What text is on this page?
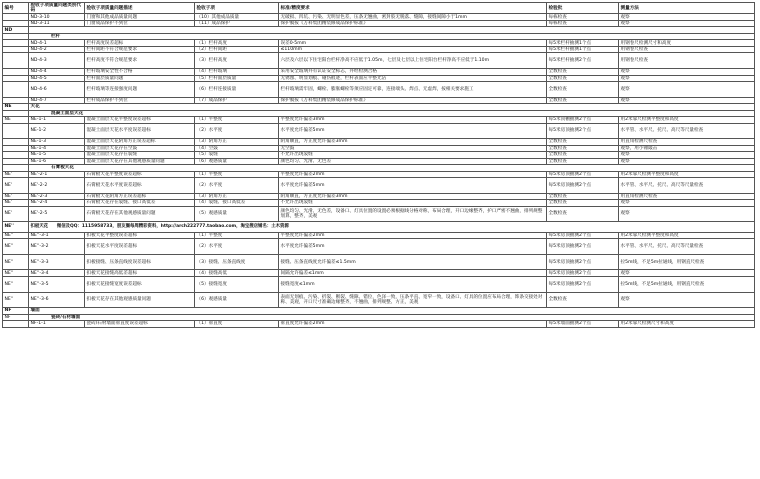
编号	验收子项质量问题类别代码	验收子项质量问题描述	验收子项	标准/精度要求	检验批	测量方法
	ND-3-10	门窗和其他成品质量问题	（10）其他成品质量	无破损、凹坑、污染、无明显色差，压条无翘曲，密封胶无脱落、缝隙，接缝间隙小于1mm	每栋检查	观察
	ND-3-11	门窗成品保护不到位	（11）成品保护	保护膜按《万科集团精装修成品保护标准》	每栋检查	观察
ND						
	栏杆					
	ND-4-1	栏杆高度误差超标	（1）栏杆高度	误差0-5mm	每5米栏杆抽测1个点	用钢卷尺检测尺寸和高度
	ND-4-2	栏杆间距不符合规范要求	（2）栏杆间距	≤110mm	每5米栏杆抽测1个点	用钢卷尺检查
	ND-4-3	栏杆高度不符合规范要求	（3）栏杆高度	六层及六层以下住宅阳台栏杆净高不应低于1.05m，七层及七层以上住宅阳台栏杆净高不应低于1.10m	每5米栏杆抽测2个点	用钢卷尺检查
	ND-4-4	栏杆玻璃安全性不合格	（4）栏杆玻璃	采用安全玻璃并有认证安全标志，并经检测合格	全数检查	观察
	ND-4-5	栏杆面层质量问题	（5）栏杆面层质量	无锈蚀、明显划痕、碰伤痕迹，栏杆表面应平整光洁	全数检查	观察
	ND-4-6	栏杆玻璃等连接强度问题	（6）栏杆连接质量	栏杆玻璃需牢固，螺栓、膨胀螺栓等须应固定可靠，连接端头、焊点、无虚焊，按相关要求施工	全数检查	观察
	ND-4-7	栏杆成品保护不到位	（7）成品保护	保护膜按《万科集团精装修成品保护标准》	全数检查	观察
NE	天花					
	混凝土面层天花					
NE	NE-1-1	混凝土面层天花平整度误差超标	（1）平整度	平整度允许偏差3mm	每5米顶棚抽测2个点	用2米靠尺检测平整度和高度
	NE-1-2	混凝土面层天花水平度误差超标	（2）水平度	水平度允许偏差5mm	每5米房顶抽测2个点	水平管、水平尺、托尺、高尺等尺量检查
	NE-1-3	混凝土面层天花阴角方正误差超标	（3）阴角方正	阴角顺直，方正度允许偏差3mm	全数检查	用直角检测尺检查
	NE-1-4	混凝土面层天花存在空鼓	（4）空鼓	无空鼓	全数检查	观察，用小锤敲击
	NE-1-5	混凝土面层天花存在裂缝	（5）裂缝	不允许出现裂缝	全数检查	观察
	NE-1-6	混凝土面层天花存在其他观感质量问题	（6）观感质量	颜色均匀、光滑、无色差	全数检查	观察
	石膏板天花					
NE'	NE'-2-1	石膏板天花平整度误差超标	（1）平整度	平整度允许偏差2mm	每5米房顶抽测2个点	用2米靠尺检测平整度和高度
NE'	NE'-2-2	石膏板天花水平度误差超标	（2）水平度	水平度允许偏差5mm	每5米房顶抽测2个点	水平管、水平尺、托尺、高尺等尺量检查
NE'	NE'-2-3	石膏板天花阴角方正误差超标	（3）阴角方正	阴角顺直，方正度允许偏差3mm	全数检查	用直角检测尺检查
NE'	NE'-2-4	石膏板天花存在裂缝、接口高低差	（4）裂缝、接口高低差	不允许出现裂缝	全数检查	观察
NE'	NE'-2-5	石膏板天花存在其他观感质量问题	（5）观感质量	颜色均匀、光滑、无色差，设备口、灯具位置的设置必须根据线分格对称，布局合理，开口边缘整齐，护口严密不翘曲，排列规整划算，整齐，美观	全数检查	观察
NE''	扣板天花　　微信及QQ：1115958733，朋友圈每周精彩资料，http://arch222777.taobao.com，淘宝搜店铺名：土木资源					
NE''	NE''-3-1	扣板天花平整度误差超标	（1）平整度	平整度允许偏差2mm	每5米房顶抽测2个点	用2米靠尺检测平整度和高度
NE''	NE''-3-2	扣板天花水平度误差超标	（2）水平度	水平度允许偏差5mm	每5米房顶抽测2个点	水平管、水平尺、托尺、高尺等尺量检查
NE''	NE''-3-3	扣板接缝、压条直线度误差超标	（3）接缝、压条直线度	接缝、压条直线度允许偏差≤1.5mm	每5米房顶抽测2个点	拉5m线，不足5m拉通线，用钢直尺检查
NE''	NE''-3-4	扣板天花接缝高低差超标	（4）接缝高低	间隔允许偏差≤1mm	每5米房顶抽测2个点	观察
NE''	NE''-3-5	扣板天花接缝宽度误差超标	（5）接缝宽度	接缝宽度≤1mm	每5米房顶抽测2个点	拉5m线，不足5m拉通线，用钢直尺检查
NE''	NE''-3-6	扣板天花存在其他观感质量问题	（6）观感质量	表面无划痕、污染、折裂、断裂、缝隙、错位，色泽一致，压条平直、宽窄一致，设备口、灯具的位置应布局合理，饰条交接处对称、美观，开口尺寸准确边缘整齐，不翘曲，排列规整、方正，美观	全数检查	观察
NF	墙面					
NF	瓷砖/石材墙面					
	NF-1-1	瓷砖/石材墙面垂直度误差超标	（1）垂直度	垂直度允许偏差2mm	每5米墙面抽测2个点	用2米靠尺检测尺寸和高度
